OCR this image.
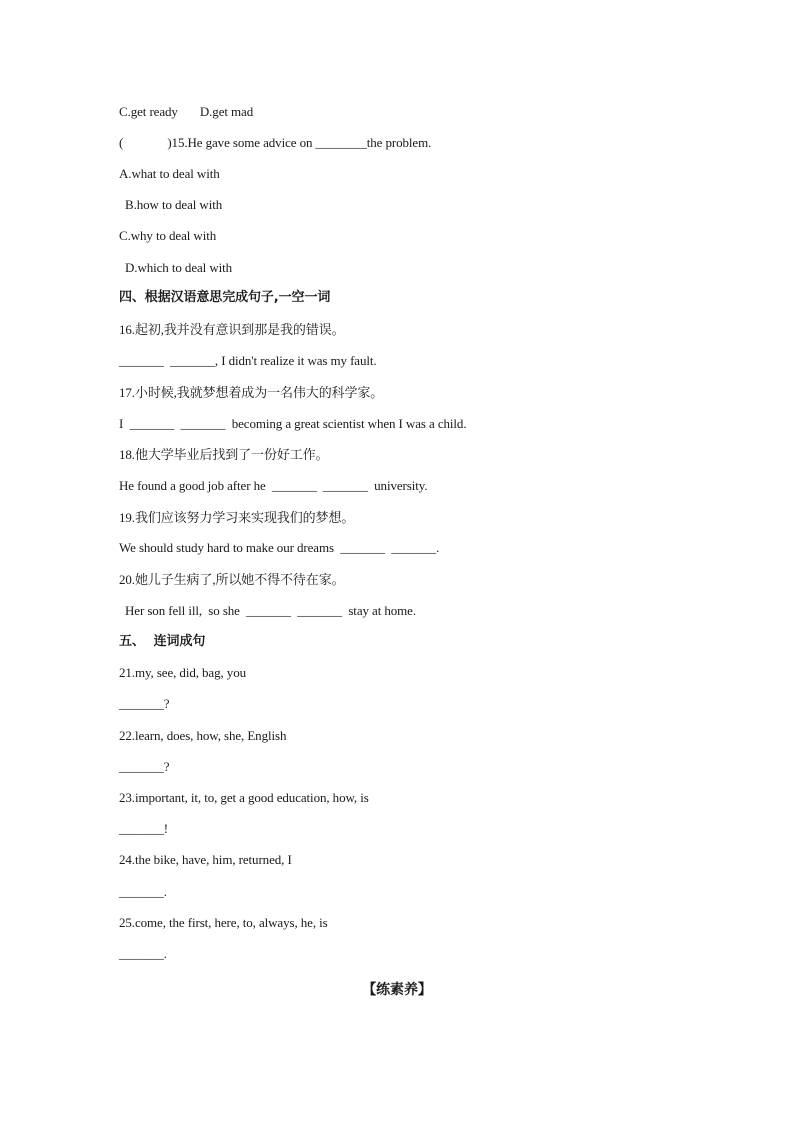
C.get ready       D.get mad
(              )15.He gave some advice on ________the problem.
A.what to deal with
B.how to deal with
C.why to deal with
D.which to deal with
四、根据汉语意思完成句子,一空一词
16.起初,我并没有意识到那是我的错误。
_______  _______, I didn't realize it was my fault.
17.小时候,我就梦想着成为一名伟大的科学家。
I  _______  _______  becoming a great scientist when I was a child.
18.他大学毕业后找到了一份好工作。
He found a good job after he  _______  _______  university.
19.我们应该努力学习来实现我们的梦想。
We should study hard to make our dreams  _______  _______.
20.她儿子生病了,所以她不得不待在家。
Her son fell ill,  so she  _______  _______  stay at home.
五、  连词成句
21.my, see, did, bag, you
_______?
22.learn, does, how, she, English
_______?
23.important, it, to, get a good education, how, is
_______!
24.the bike, have, him, returned, I
_______.
25.come, the first, here, to, always, he, is
_______.
【练素养】
